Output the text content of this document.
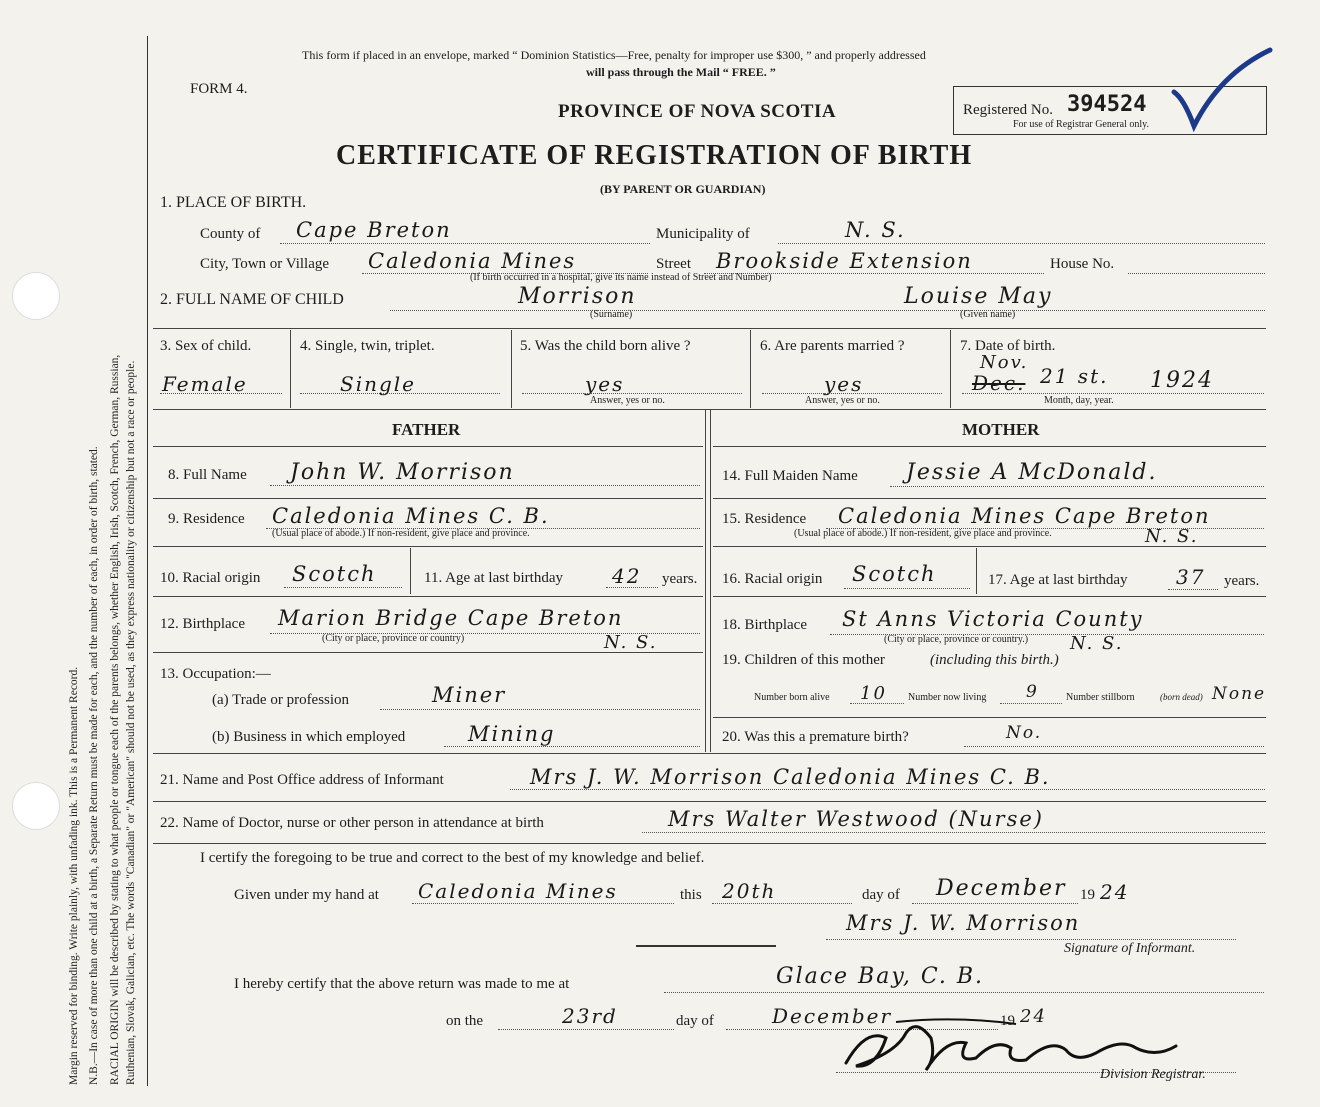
Margin reserved for binding. Write plainly, with unfading ink. This is a Permanent Record. N.B.—In case of more than one child at a birth, a Separate Return must be made for each, and the number of each, in order of birth, stated. RACIAL ORIGIN will be described by stating to what people or tongue each of the parents belongs, whether English, Irish, Scotch, French, German, Russian, Ruthenian, Slovak, Galician, etc. The words "Canadian" or "American" should not be used, as they express nationality or citizenship but not a race or people.
This form if placed in an envelope, marked “ Dominion Statistics—Free, penalty for improper use $300, ” and properly addressed
will pass through the Mail “ FREE. ”
FORM 4.
PROVINCE OF NOVA SCOTIA
CERTIFICATE OF REGISTRATION OF BIRTH
(BY PARENT OR GUARDIAN)
Registered No. 394524
For use of Registrar General only.
1. PLACE OF BIRTH.
County of Cape Breton	Municipality of	N. S.
City, Town or Village Caledonia Mines	Street Brookside Extension	House No.
(If birth occurred in a hospital, give its name instead of Street and Number)
2. FULL NAME OF CHILD	Morrison
(Surname)
Louise May
(Given name)
3. Sex of child.
Female
4. Single, twin, triplet.
Single
5. Was the child born alive ?
yes
Answer, yes or no.
6. Are parents married ?
yes
Answer, yes or no.
7. Date of birth.
Nov.
Dec. 21 st. 1924
Month, day, year.
FATHER	MOTHER
8. Full Name John W. Morrison	14. Full Maiden Name Jessie A McDonald.
9. Residence Caledonia Mines C. B.
(Usual place of abode.) If non-resident, give place and province.
15. Residence Caledonia Mines Cape Breton
N. S.
(Usual place of abode.) If non-resident, give place and province.
10. Racial origin Scotch	11. Age at last birthday 42 years. 16. Racial origin Scotch	17. Age at last birthday 37 years.
12. Birthplace Marion Bridge Cape Breton
N. S.
(City or place, province or country)
18. Birthplace St Anns Victoria County
N. S.
(City or place, province or country.)
19. Children of this mother	(including this birth.)
Number born alive 10 Number now living 9	Number stillborn	(born dead) None
13. Occupation:—
(a) Trade or profession	Miner
(b) Business in which employed	Mining	20. Was this a premature birth?	No.
21. Name and Post Office address of Informant	Mrs J. W. Morrison Caledonia Mines C. B.
22. Name of Doctor, nurse or other person in attendance at birth	Mrs Walter Westwood (Nurse)
I certify the foregoing to be true and correct to the best of my knowledge and belief.
Given under my hand at Caledonia Mines	this 20th	day of December 19 24
Mrs J. W. Morrison
Signature of Informant.
I hereby certify that the above return was made to me at	Glace Bay, C. B.
on the	23rd	day of	December	19 24
Division Registrar.
